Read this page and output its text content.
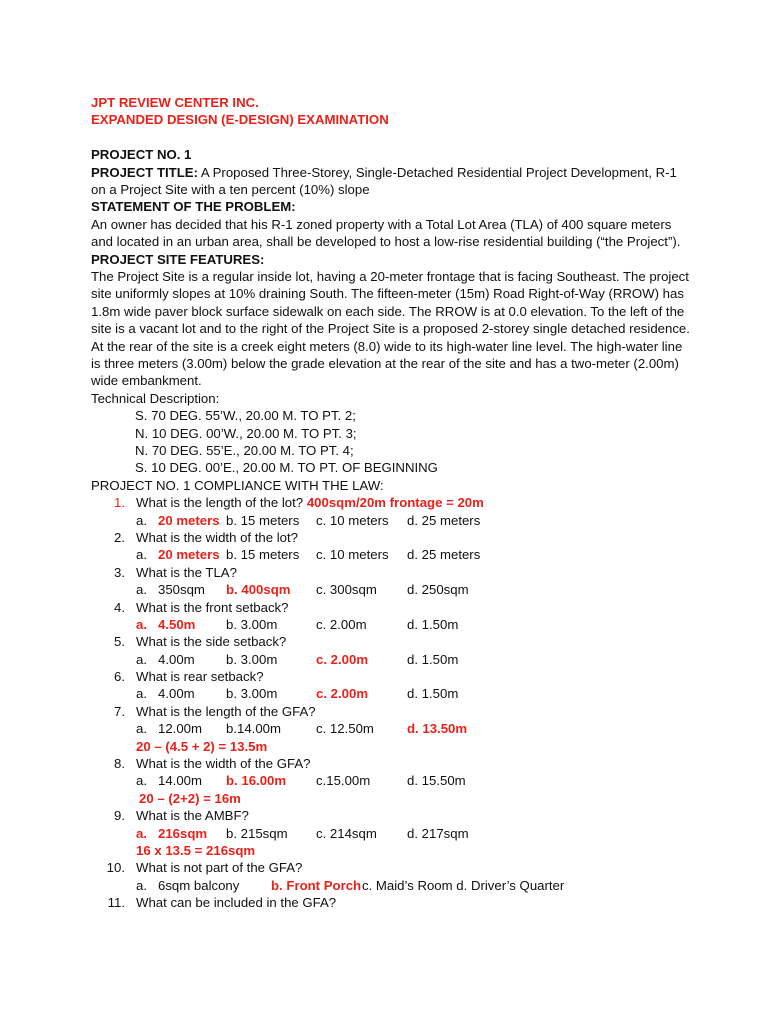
JPT REVIEW CENTER INC.
EXPANDED DESIGN (E-DESIGN) EXAMINATION
PROJECT NO. 1
PROJECT TITLE: A Proposed Three-Storey, Single-Detached Residential Project Development, R-1 on a Project Site with a ten percent (10%) slope
STATEMENT OF THE PROBLEM:
An owner has decided that his R-1 zoned property with a Total Lot Area (TLA) of 400 square meters and located in an urban area, shall be developed to host a low-rise residential building (“the Project”).
PROJECT SITE FEATURES:
The Project Site is a regular inside lot, having a 20-meter frontage that is facing Southeast. The project site uniformly slopes at 10% draining South. The fifteen-meter (15m) Road Right-of-Way (RROW) has 1.8m wide paver block surface sidewalk on each side. The RROW is at 0.0 elevation. To the left of the site is a vacant lot and to the right of the Project Site is a proposed 2-storey single detached residence. At the rear of the site is a creek eight meters (8.0) wide to its high-water line level. The high-water line is three meters (3.00m) below the grade elevation at the rear of the site and has a two-meter (2.00m) wide embankment.
Technical Description:
S. 70 DEG. 55’W., 20.00 M. TO PT. 2;
N. 10 DEG. 00’W., 20.00 M. TO PT. 3;
N. 70 DEG. 55’E., 20.00 M. TO PT. 4;
S. 10 DEG. 00’E., 20.00 M. TO PT. OF BEGINNING
PROJECT NO. 1 COMPLIANCE WITH THE LAW:
1. What is the length of the lot? 400sqm/20m frontage = 20m
a. 20 meters b. 15 meters c. 10 meters d. 25 meters
2. What is the width of the lot?
a. 20 meters b. 15 meters c. 10 meters d. 25 meters
3. What is the TLA?
a.   350sqm b. 400sqm c. 300sqm d. 250sqm
4. What is the front setback?
a.   4.50m b. 3.00m	c. 2.00m	d. 1.50m
5. What is the side setback?
a.   4.00m b. 3.00m	c. 2.00m	d. 1.50m
6. What is rear setback?
a.   4.00m b. 3.00m	c. 2.00m	d. 1.50m
7. What is the length of the GFA?
a.   12.00m b.14.00m	c. 12.50m	d. 13.50m
20 – (4.5 + 2) = 13.5m
8. What is the width of the GFA?
a.   14.00m b. 16.00m c.15.00m	d. 15.50m
20 – (2+2) = 16m
9. What is the AMBF?
a.   216sqm b. 215sqm c. 214sqm d. 217sqm
16 x 13.5 = 216sqm
10. What is not part of the GFA?
a.   6sqm balcony b. Front Porch c. Maid’s Room d. Driver’s Quarter
11. What can be included in the GFA?
